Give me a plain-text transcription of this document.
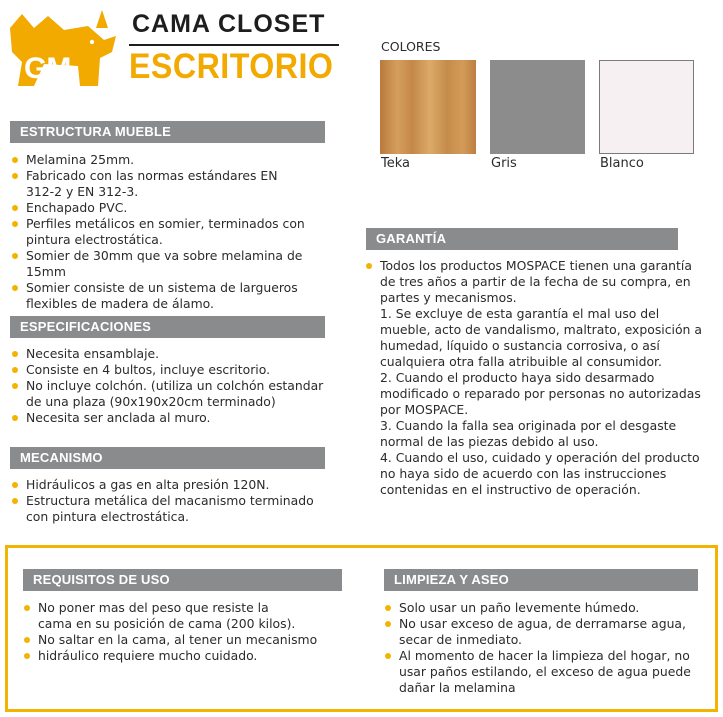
GM
CAMA CLOSET
ESCRITORIO
COLORES
Teka	Gris	Blanco
ESTRUCTURA MUEBLE
Melamina 25mm.
Fabricado con las normas estándares EN 312-2 y EN 312-3.
Enchapado PVC.
Perfiles metálicos en somier, terminados con pintura electrostática.
Somier de 30mm que va sobre melamina de 15mm
Somier consiste de un sistema de largueros flexibles de madera de álamo.
ESPECIFICACIONES
Necesita ensamblaje.
Consiste en 4 bultos, incluye escritorio.
No incluye colchón. (utiliza un colchón estandar de una plaza (90x190x20cm terminado)
Necesita ser anclada al muro.
MECANISMO
Hidráulicos a gas en alta presión 120N.
Estructura metálica del macanismo terminado con pintura electrostática.
GARANTÍA
Todos los productos MOSPACE tienen una garantía de tres años a partir de la fecha de su compra, en partes y mecanismos.
1. Se excluye de esta garantía el mal uso del mueble, acto de vandalismo, maltrato, exposición a humedad, líquido o sustancia corrosiva, o así cualquiera otra falla atribuible al consumidor.
2. Cuando el producto haya sido desarmado modificado o reparado por personas no autorizadas por MOSPACE.
3. Cuando la falla sea originada por el desgaste normal de las piezas debido al uso.
4. Cuando el uso, cuidado y operación del producto no haya sido de acuerdo con las instrucciones contenidas en el instructivo de operación.
REQUISITOS DE USO
No poner mas del peso que resiste la cama en su posición de cama (200 kilos).
No saltar en la cama, al tener un mecanismo
hidráulico requiere mucho cuidado.
LIMPIEZA Y ASEO
Solo usar un paño levemente húmedo.
No usar exceso de agua, de derramarse agua, secar de inmediato.
Al momento de hacer la limpieza del hogar, no usar paños estilando, el exceso de agua puede dañar la melamina
